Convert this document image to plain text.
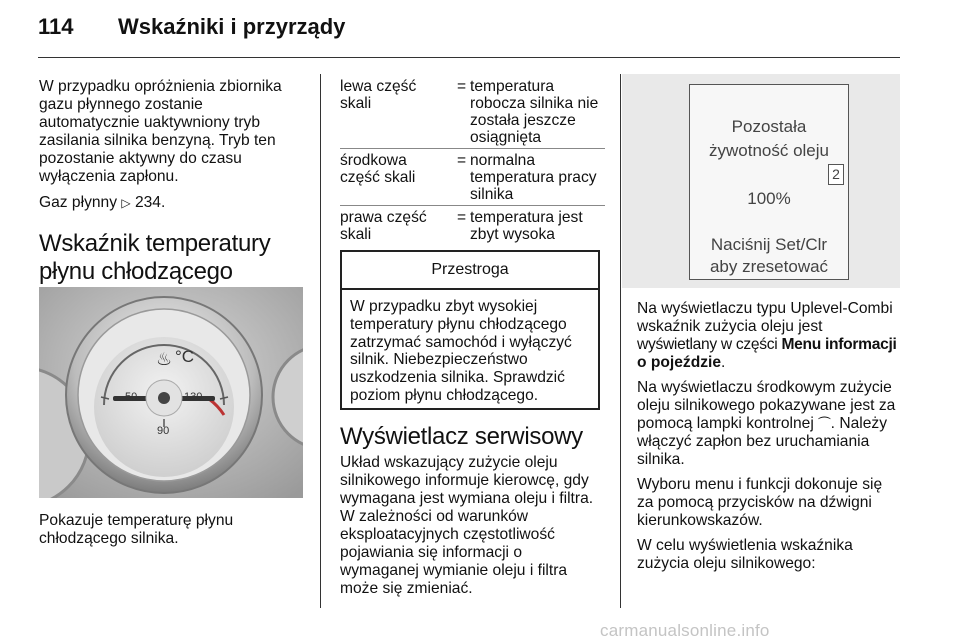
114 Wskaźniki i przyrządy

W przypadku opróżnienia zbiornika
gazu płynnego zostanie
automatycznie uaktywniony tryb
zasilania silnika benzyną. Tryb ten
pozostanie aktywny do czasu
wyłączenia zapłonu.

Gaz płynny ▷ 234.

Wskaźnik temperatury
płynu chłodzącego
♨ °C
50
90
130

Pokazuje temperaturę płynu
chłodzącego silnika.

lewa część
skali
= temperatura
robocza silnika nie
została jeszcze
osiągnięta
środkowa
część skali
= normalna
temperatura pracy
silnika
prawa część
skali
= temperatura jest
zbyt wysoka
Przestroga
W przypadku zbyt wysokiej
temperatury płynu chłodzącego
zatrzymać samochód i wyłączyć
silnik. Niebezpieczeństwo
uszkodzenia silnika. Sprawdzić
poziom płynu chłodzącego.
Wyświetlacz serwisowy

Układ wskazujący zużycie oleju
silnikowego informuje kierowcę, gdy
wymagana jest wymiana oleju i filtra.
W zależności od warunków
eksploatacyjnych częstotliwość
pojawiania się informacji o
wymaganej wymianie oleju i filtra
może się zmieniać.

Pozostała
żywotność oleju
2
100%
Naciśnij Set/Clr
aby zresetować

Na wyświetlaczu typu Uplevel-Combi
wskaźnik zużycia oleju jest
wyświetlany w części Menu informacji
o pojeździe.

Na wyświetlaczu środkowym zużycie
oleju silnikowego pokazywane jest za
pomocą lampki kontrolnej ⏜. Należy
włączyć zapłon bez uruchamiania
silnika.

Wyboru menu i funkcji dokonuje się
za pomocą przycisków na dźwigni
kierunkowskazów.

W celu wyświetlenia wskaźnika
zużycia oleju silnikowego:

carmanualsonline.info
